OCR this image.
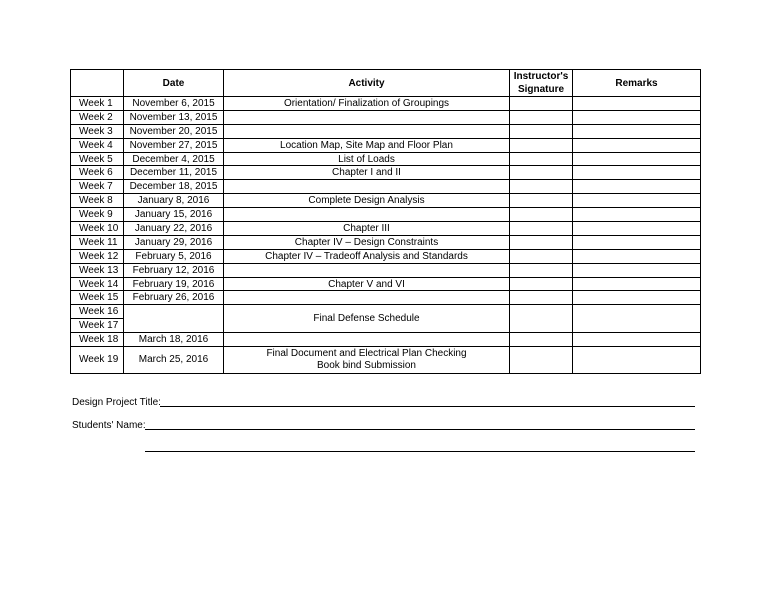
	Date	Activity	Instructor's
Signature	Remarks
Week 1	November 6, 2015	Orientation/ Finalization of Groupings		
Week 2	November 13, 2015			
Week 3	November 20, 2015			
Week 4	November 27, 2015	Location Map, Site Map and Floor Plan		
Week 5	December 4, 2015	List of Loads		
Week 6	December 11, 2015	Chapter I and II		
Week 7	December 18, 2015			
Week 8	January 8, 2016	Complete Design Analysis		
Week 9	January 15, 2016			
Week 10	January 22, 2016	Chapter III		
Week 11	January 29, 2016	Chapter IV – Design Constraints		
Week 12	February 5, 2016	Chapter IV – Tradeoff Analysis and Standards		
Week 13	February 12, 2016			
Week 14	February 19, 2016	Chapter V and VI		
Week 15	February 26, 2016			
Week 16		Final Defense Schedule		
Week 17				
Week 18	March 18, 2016			
Week 19	March 25, 2016	Final Document and Electrical Plan Checking
Book bind Submission		
Design Project Title:
Students' Name:
